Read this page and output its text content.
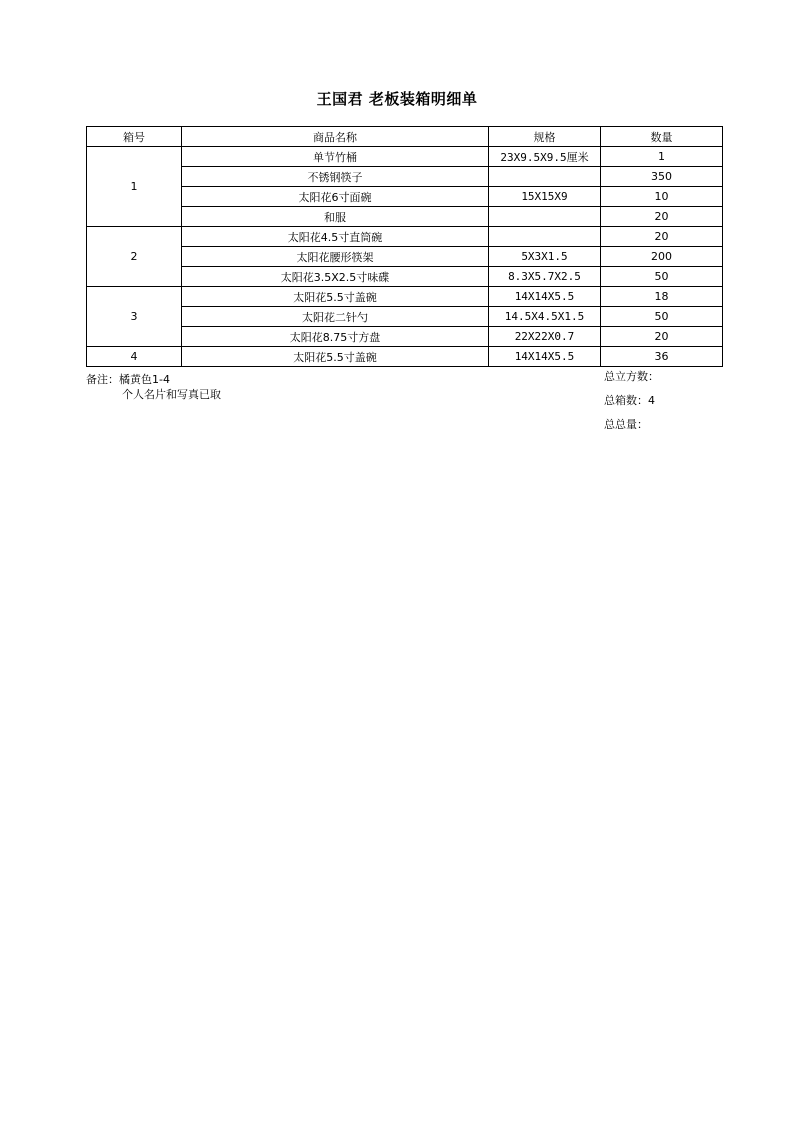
王国君 老板装箱明细单
箱号	商品名称	规格	数量
1	单节竹桶	23X9.5X9.5厘米	1
	不锈钢筷子		350
	太阳花6寸面碗	15X15X9	10
	和服		20
2	太阳花4.5寸直筒碗		20
	太阳花腰形筷架	5X3X1.5	200
	太阳花3.5X2.5寸味碟	8.3X5.7X2.5	50
3	太阳花5.5寸盖碗	14X14X5.5	18
	太阳花二针勺	14.5X4.5X1.5	50
	太阳花8.75寸方盘	22X22X0.7	20
4	太阳花5.5寸盖碗	14X14X5.5	36
备注：橘黄色1-4
个人名片和写真已取
总立方数：
总箱数：4
总总量：
